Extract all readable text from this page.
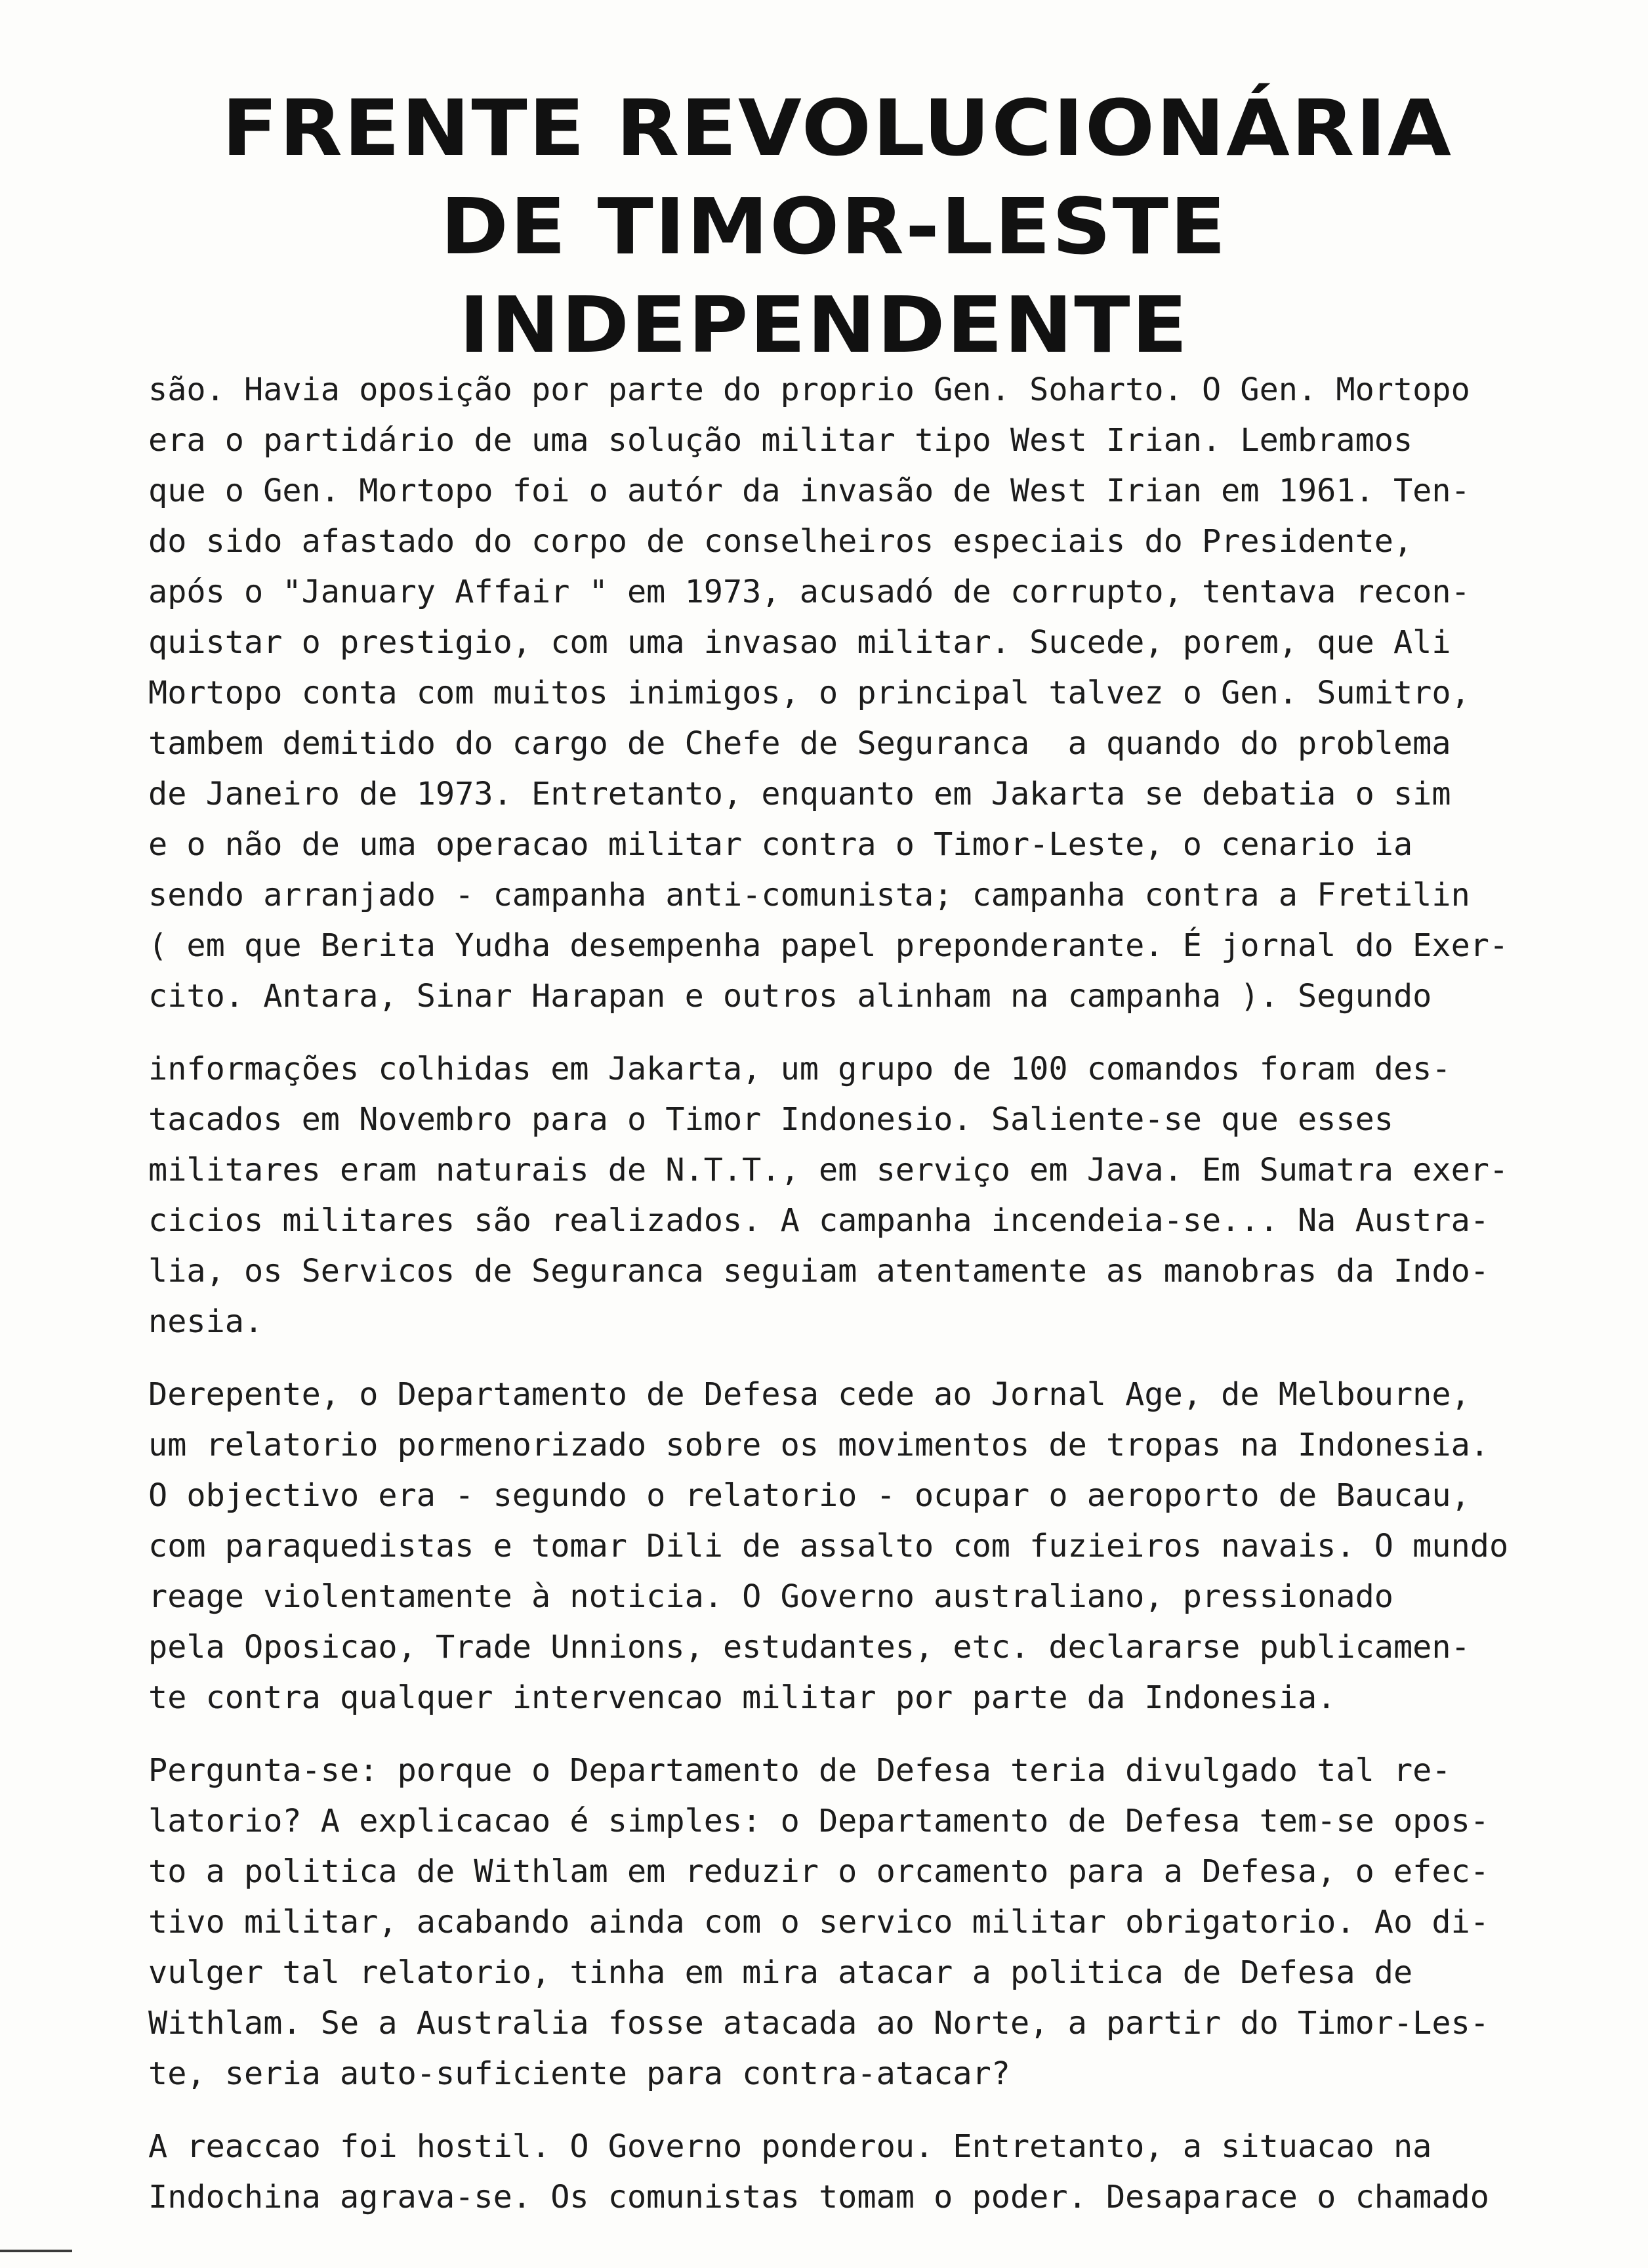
FRENTE REVOLUCIONÁRIA
DE TIMOR-LESTE
INDEPENDENTE
são. Havia oposição por parte do proprio Gen. Soharto. O Gen. Mortopo
era o partidário de uma solução militar tipo West Irian. Lembramos
que o Gen. Mortopo foi o autór da invasão de West Irian em 1961. Ten-
do sido afastado do corpo de conselheiros especiais do Presidente,
após o "January Affair " em 1973, acusadó de corrupto, tentava recon-
quistar o prestigio, com uma invasao militar. Sucede, porem, que Ali
Mortopo conta com muitos inimigos, o principal talvez o Gen. Sumitro,
tambem demitido do cargo de Chefe de Seguranca  a quando do problema
de Janeiro de 1973. Entretanto, enquanto em Jakarta se debatia o sim
e o não de uma operacao militar contra o Timor-Leste, o cenario ia
sendo arranjado - campanha anti-comunista; campanha contra a Fretilin
( em que Berita Yudha desempenha papel preponderante. É jornal do Exer-
cito. Antara, Sinar Harapan e outros alinham na campanha ). Segundo
informações colhidas em Jakarta, um grupo de 100 comandos foram des-
tacados em Novembro para o Timor Indonesio. Saliente-se que esses
militares eram naturais de N.T.T., em serviço em Java. Em Sumatra exer-
cicios militares são realizados. A campanha incendeia-se... Na Austra-
lia, os Servicos de Seguranca seguiam atentamente as manobras da Indo-
nesia.
Derepente, o Departamento de Defesa cede ao Jornal Age, de Melbourne,
um relatorio pormenorizado sobre os movimentos de tropas na Indonesia.
O objectivo era - segundo o relatorio - ocupar o aeroporto de Baucau,
com paraquedistas e tomar Dili de assalto com fuzieiros navais. O mundo
reage violentamente à noticia. O Governo australiano, pressionado
pela Oposicao, Trade Unnions, estudantes, etc. declararse publicamen-
te contra qualquer intervencao militar por parte da Indonesia.
Pergunta-se: porque o Departamento de Defesa teria divulgado tal re-
latorio? A explicacao é simples: o Departamento de Defesa tem-se opos-
to a politica de Withlam em reduzir o orcamento para a Defesa, o efec-
tivo militar, acabando ainda com o servico militar obrigatorio. Ao di-
vulger tal relatorio, tinha em mira atacar a politica de Defesa de
Withlam. Se a Australia fosse atacada ao Norte, a partir do Timor-Les-
te, seria auto-suficiente para contra-atacar?
A reaccao foi hostil. O Governo ponderou. Entretanto, a situacao na
Indochina agrava-se. Os comunistas tomam o poder. Desaparace o chamado
